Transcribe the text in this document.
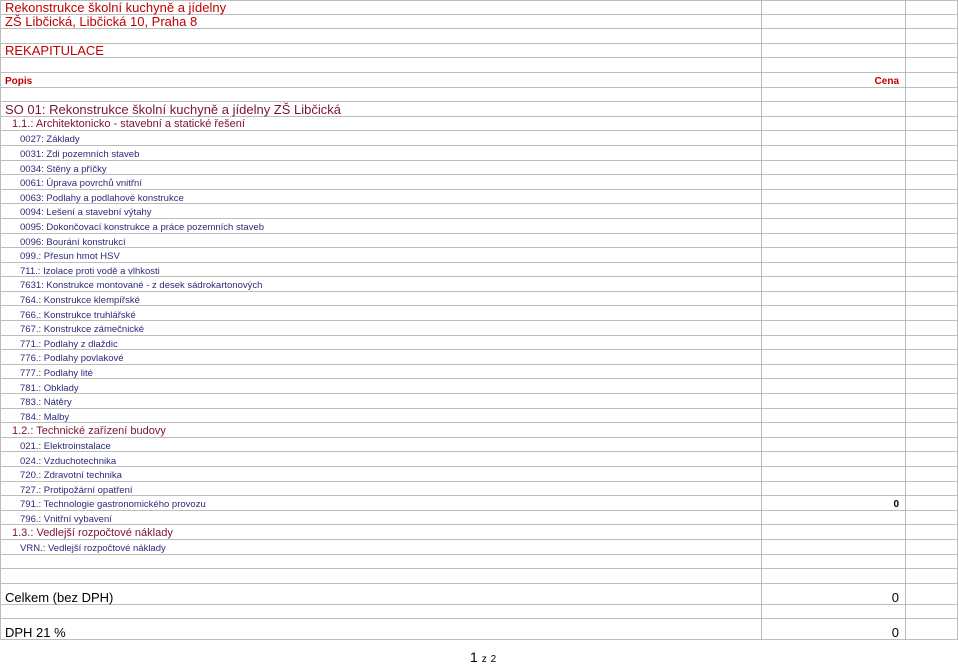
Rekonstrukce školní kuchyně a jídelny
ZŠ Libčická, Libčická 10, Praha 8
REKAPITULACE
Popis	Cena
SO 01: Rekonstrukce školní kuchyně a jídelny ZŠ Libčická
1.1.: Architektonicko - stavební a statické řešení
0027: Základy
0031: Zdi pozemních staveb
0034: Stěny a příčky
0061: Úprava povrchů vnitřní
0063: Podlahy a podlahové konstrukce
0094: Lešení a stavební výtahy
0095: Dokončovací konstrukce a práce pozemních staveb
0096: Bourání konstrukcí
099.: Přesun hmot HSV
711.: Izolace proti vodě a vlhkosti
7631: Konstrukce montované - z desek sádrokartonových
764.: Konstrukce klempířské
766.: Konstrukce truhlářské
767.: Konstrukce zámečnické
771.: Podlahy z dlaždic
776.: Podlahy povlakové
777.: Podlahy lité
781.: Obklady
783.: Nátěry
784.: Malby
1.2.: Technické zařízení budovy
021.: Elektroinstalace
024.: Vzduchotechnika
720.: Zdravotní technika
727.: Protipožární opatření
791.: Technologie gastronomického provozu	0
796.: Vnitřní vybavení
1.3.: Vedlejší rozpočtové náklady
VRN.: Vedlejší rozpočtové náklady
Celkem (bez DPH)	0
DPH 21 %	0
1 z 2
